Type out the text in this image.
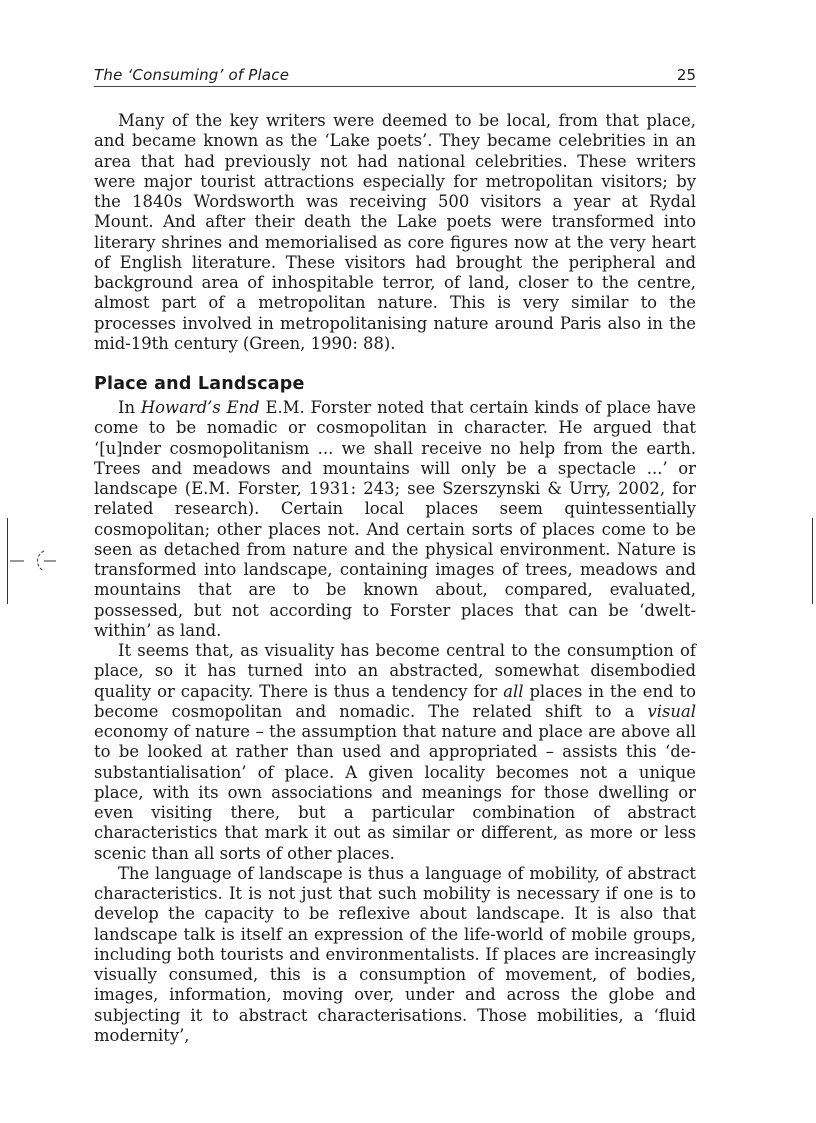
The ‘Consuming’ of Place	25

Many of the key writers were deemed to be local, from that place, and became known as the ‘Lake poets’. They became celebrities in an area that had previously not had national celebrities. These writers were major tourist attractions especially for metropolitan visitors; by the 1840s Wordsworth was receiving 500 visitors a year at Rydal Mount. And after their death the Lake poets were transformed into literary shrines and memorialised as core figures now at the very heart of English literature. These visitors had brought the peripheral and background area of inhospitable terror, of land, closer to the centre, almost part of a metropolitan nature. This is very similar to the processes involved in metropolitanising nature around Paris also in the mid-19th century (Green, 1990: 88).

Place and Landscape

In Howard’s End E.M. Forster noted that certain kinds of place have come to be nomadic or cosmopolitan in character. He argued that ‘[u]nder cosmopolitanism ... we shall receive no help from the earth. Trees and meadows and mountains will only be a spectacle ...’ or landscape (E.M. Forster, 1931: 243; see Szerszynski & Urry, 2002, for related research). Certain local places seem quintessentially cosmopolitan; other places not. And certain sorts of places come to be seen as detached from nature and the physical environment. Nature is transformed into landscape, containing images of trees, meadows and mountains that are to be known about, compared, evaluated, possessed, but not according to Forster places that can be ‘dwelt-within’ as land.

It seems that, as visuality has become central to the consumption of place, so it has turned into an abstracted, somewhat disembodied quality or capacity. There is thus a tendency for all places in the end to become cosmopolitan and nomadic. The related shift to a visual economy of nature – the assumption that nature and place are above all to be looked at rather than used and appropriated – assists this ‘de-substantialisation’ of place. A given locality becomes not a unique place, with its own associations and meanings for those dwelling or even visiting there, but a particular combination of abstract characteristics that mark it out as similar or different, as more or less scenic than all sorts of other places.

The language of landscape is thus a language of mobility, of abstract characteristics. It is not just that such mobility is necessary if one is to develop the capacity to be reflexive about landscape. It is also that landscape talk is itself an expression of the life-world of mobile groups, including both tourists and environmentalists. If places are increasingly visually consumed, this is a consumption of movement, of bodies, images, information, moving over, under and across the globe and subjecting it to abstract characterisations. Those mobilities, a ‘fluid modernity’,
